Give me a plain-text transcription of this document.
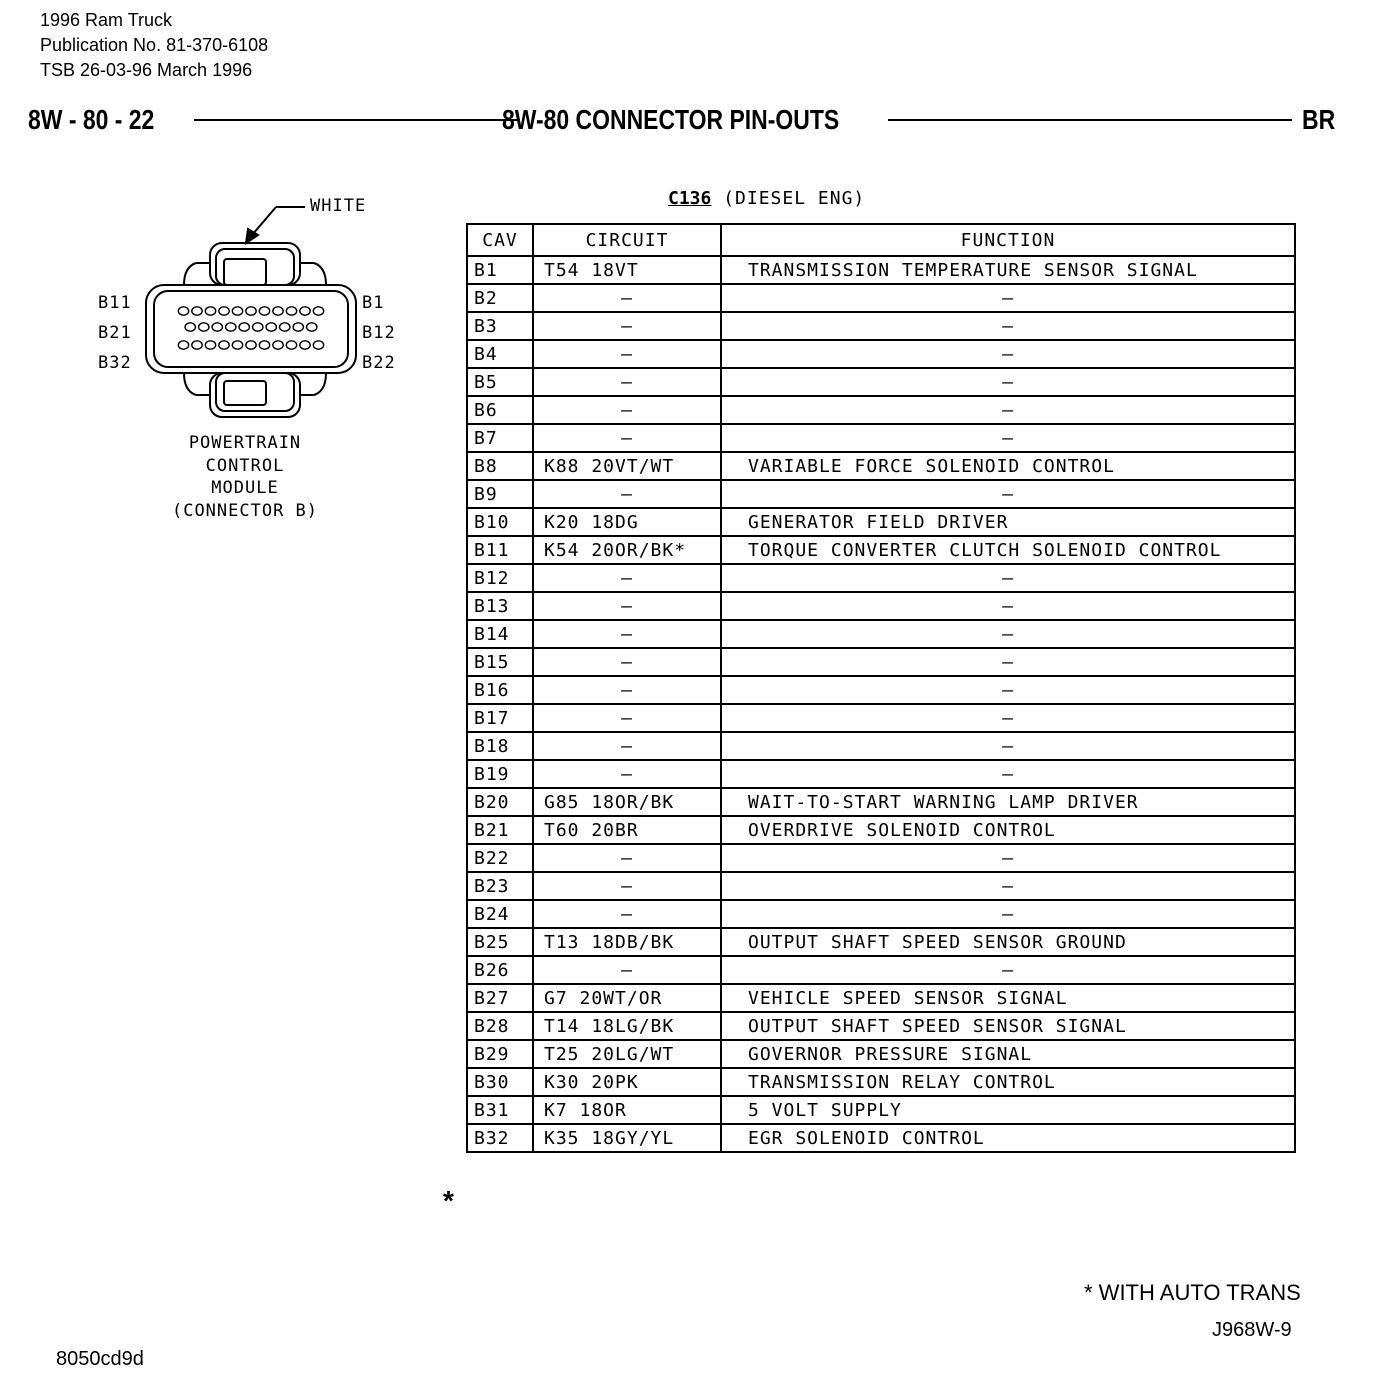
1996 Ram Truck
Publication No. 81-370-6108
TSB 26-03-96 March 1996
8W - 80 - 22	8W-80 CONNECTOR PIN-OUTS	BR
WHITE
B11
B21
B32
B1
B12
B22
POWERTRAIN
CONTROL
MODULE
(CONNECTOR B)
C136 (DIESEL ENG)
CAV	CIRCUIT	FUNCTION
B1	T54 18VT	TRANSMISSION TEMPERATURE SENSOR SIGNAL
B2	–	–
B3	–	–
B4	–	–
B5	–	–
B6	–	–
B7	–	–
B8	K88 20VT/WT	VARIABLE FORCE SOLENOID CONTROL
B9	–	–
B10	K20 18DG	GENERATOR FIELD DRIVER
B11	K54 20OR/BK*	TORQUE CONVERTER CLUTCH SOLENOID CONTROL
B12	–	–
B13	–	–
B14	–	–
B15	–	–
B16	–	–
B17	–	–
B18	–	–
B19	–	–
B20	G85 18OR/BK	WAIT-TO-START WARNING LAMP DRIVER
B21	T60 20BR	OVERDRIVE SOLENOID CONTROL
B22	–	–
B23	–	–
B24	–	–
B25	T13 18DB/BK	OUTPUT SHAFT SPEED SENSOR GROUND
B26	–	–
B27	G7 20WT/OR	VEHICLE SPEED SENSOR SIGNAL
B28	T14 18LG/BK	OUTPUT SHAFT SPEED SENSOR SIGNAL
B29	T25 20LG/WT	GOVERNOR PRESSURE SIGNAL
B30	K30 20PK	TRANSMISSION RELAY CONTROL
B31	K7 18OR	5 VOLT SUPPLY
B32	K35 18GY/YL	EGR SOLENOID CONTROL
*
* WITH AUTO TRANS
J968W-9
8050cd9d
